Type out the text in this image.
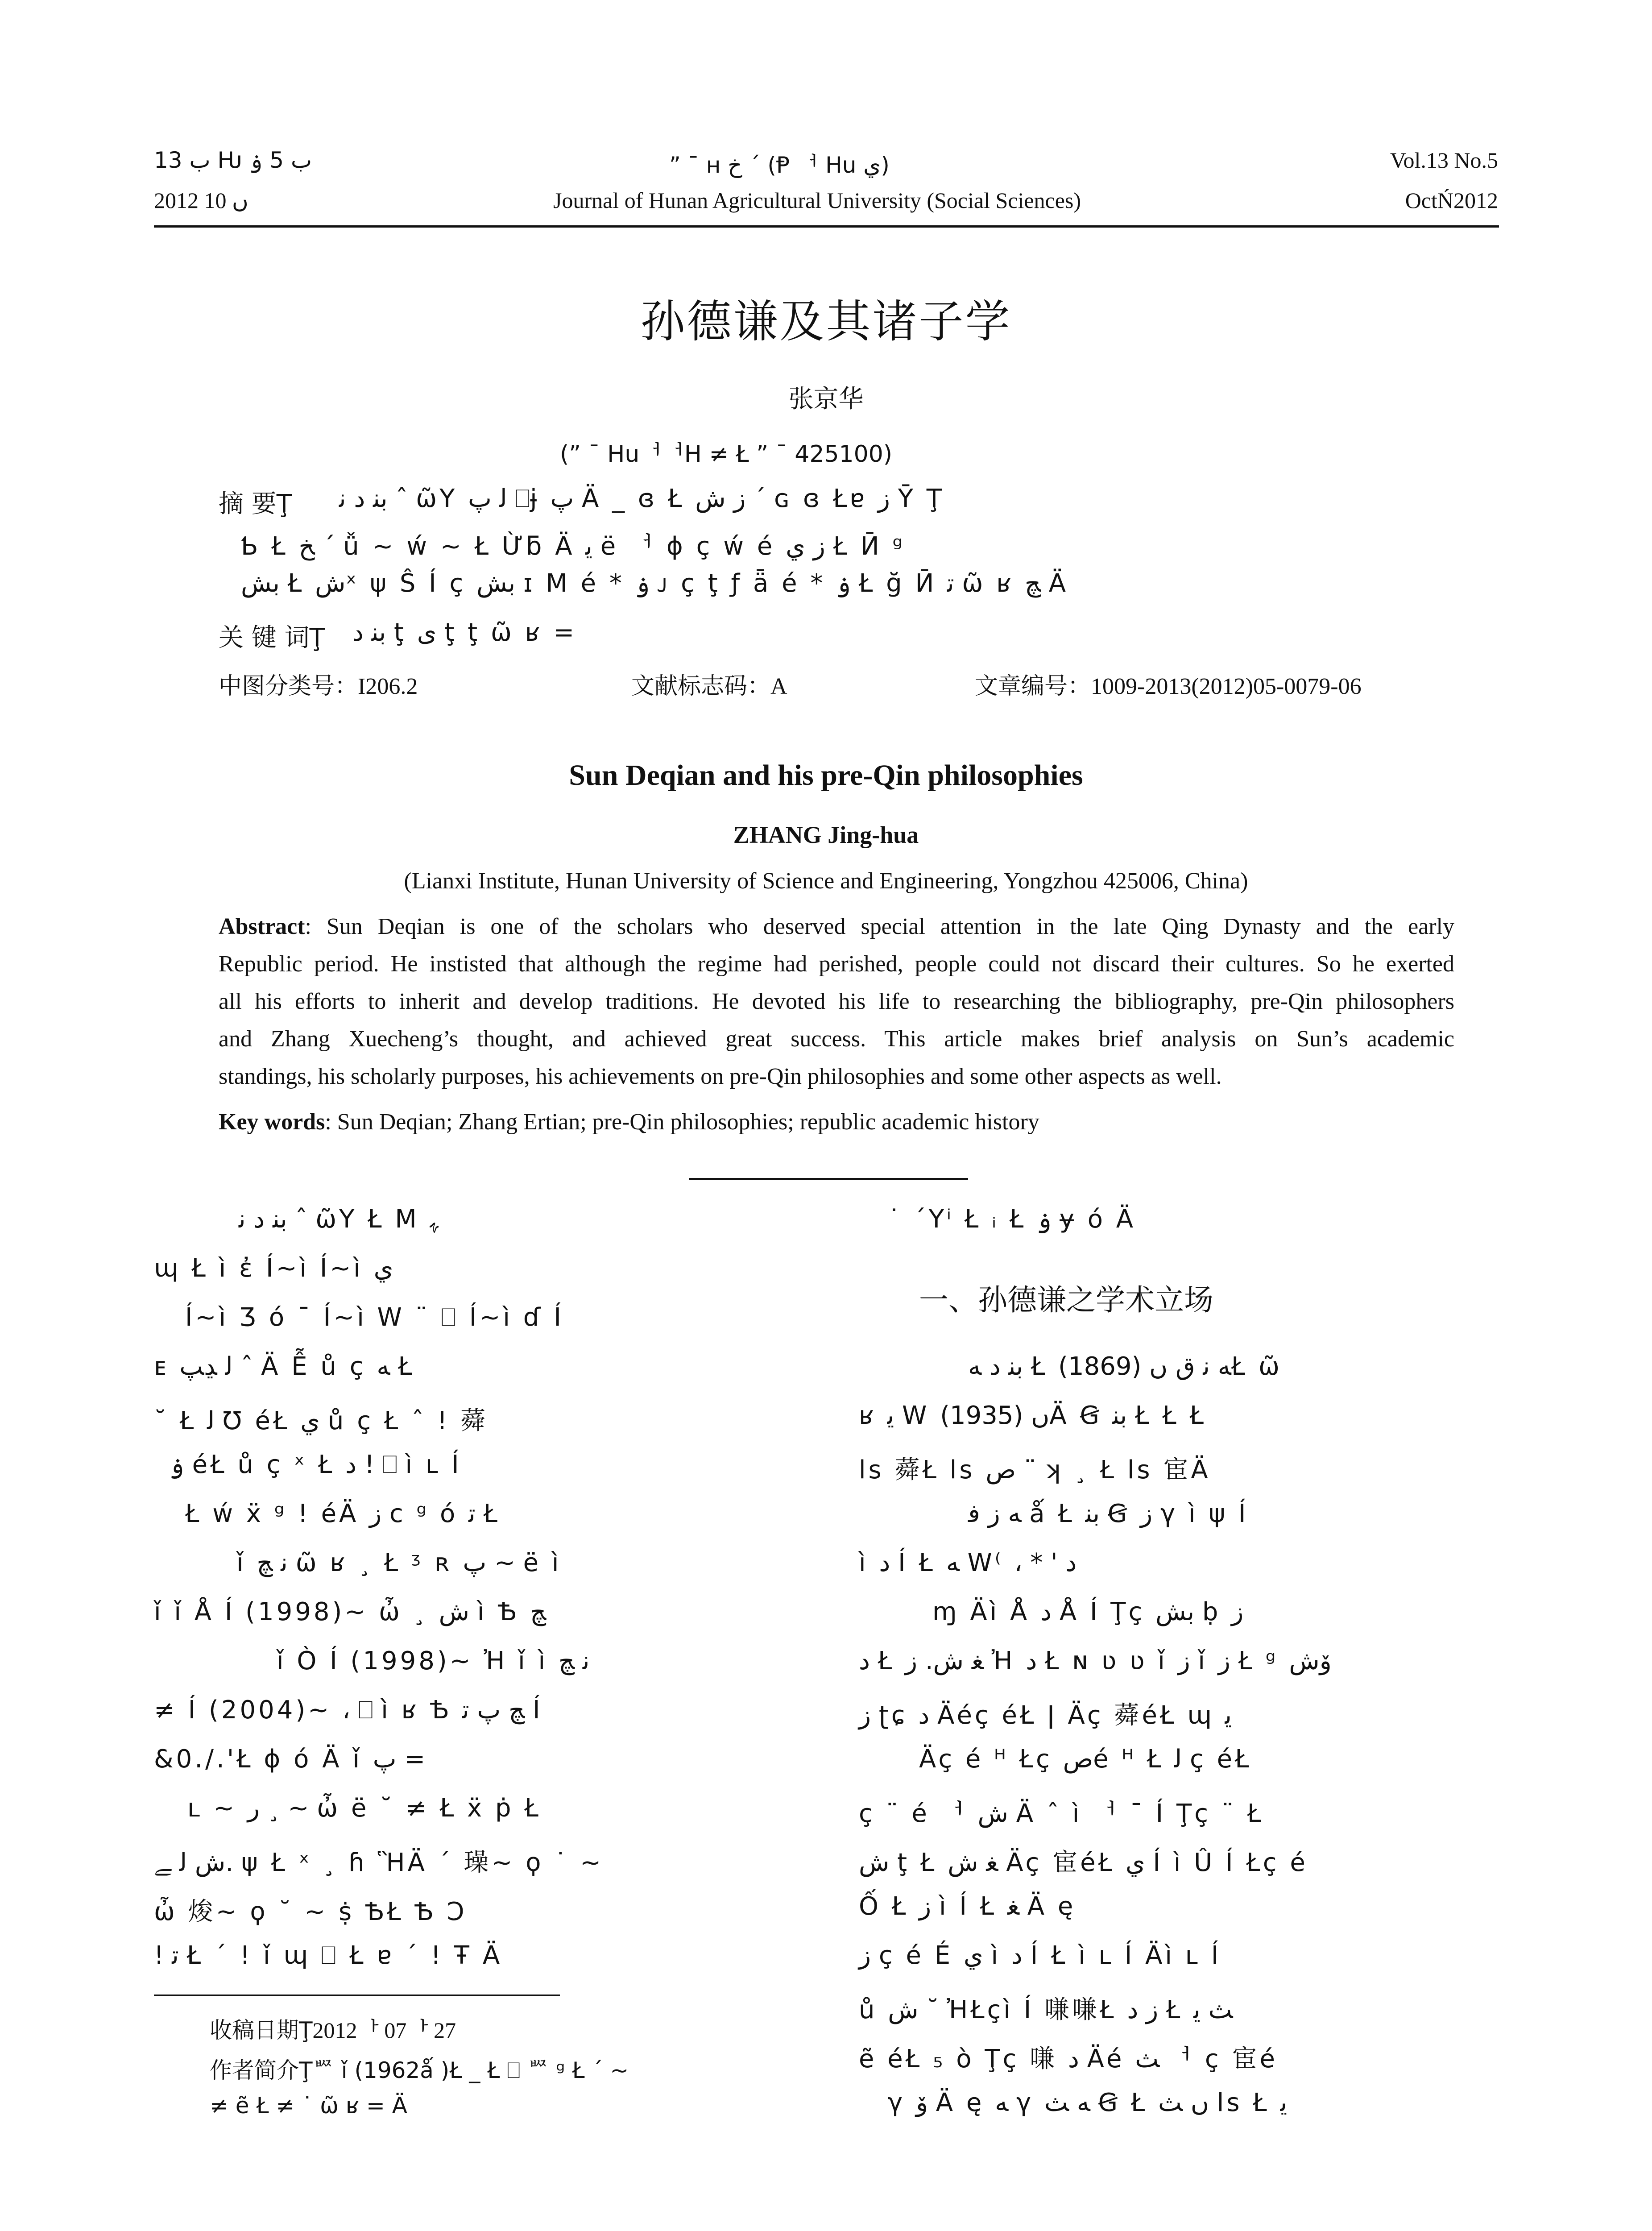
ب 13 Ƕ ب 5 ۏ
2012 ں 10
” ¯ ʜ خ ˊ (Ᵽ ᅥ Hu ي)
Journal of Hunan Agricultural University (Social Sciences)
Vol.13 No.5
OctŃ2012
孙德谦及其诸子学
张京华
(” ¯ HuᅥᅥH ≠ Ł ” ¯ 425100)
摘 要Ţ ﺑﻨ ﺩ ﻧ ˆ ῶY ﻟ ﭖ ⎕ɉ ﭖ Ä _ ɞ Ł ﺯ ﺵ ˊ ɢ ɞ Łɐ ﺯ Ῡ Ţ
Ƅ Ł ﺦ ˊ ǚ ~ ẃ ~ Ł Ừƃ Ä ﯾ ë ᅥ ɸ ç ẃ é ﺯ ﻱ Ł Ӣ ᵍ
ﺑﺶ Ł ﺵˣ ψ Ŝ Í ç ﺑﺶ ɪ M é * ۏ ᴊ ç ţ ƒ ǟ é * ۏ Ł ğ Ӣ ﺗ ῶ ʁ ﭻ Ä
关 键 词Ţ ﺑﻨ ﺩ ţ ﯼ ţ ţ ῶ ʁ =
中图分类号：I206.2	文献标志码：A	文章编号：1009-2013(2012)05-0079-06
Sun Deqian and his pre-Qin philosophies
ZHANG Jing-hua
(Lianxi Institute, Hunan University of Science and Engineering, Yongzhou 425006, China)
Abstract: Sun Deqian is one of the scholars who deserved special attention in the late Qing Dynasty and the early
Republic period. He instisted that although the regime had perished, people could not discard their cultures. So he exerted
all his efforts to inherit and develop traditions. He devoted his life to researching the bibliography, pre-Qin philosophers
and Zhang Xuecheng’s thought, and achieved great success. This article makes brief analysis on Sun’s academic
standings, his scholarly purposes, his achievements on pre-Qin philosophies and some other aspects as well.
Key words: Sun Deqian; Zhang Ertian; pre-Qin philosophies; republic academic history
ﺑﻨ ﺩ ﻧ ˆ ῶY Ł M ﮩ
ɰ Ł ì ἐ Í~ì Í~ì ﻱ
Í~ì Ʒ ó ¯ Í~ì W ¨ ⎕ Í~ì ɗ Í
ᴇ ﻟ ﮃﭗ ˆ Ä Ễ ů ç ﻪ Ł
˘ Ł ﻟ Ʊ éŁ ﻱ ů ç Ł ˆ ! 蕣
ۏ éŁ ů ç ˣ Ł ﺩ ! ⎕ ì ʟ Í
Ł ẃ ẍ ᵍ ! éÄ ﺯ c ᵍ ó ﺗ Ł
ǐ ﻧ ﭻ ῶ ʁ ¸ Ł ᶾ ʀ ﭖ ~ ë ì
ǐ ǐ Å Í (1998)~ ὦ ¸ ﺵ ì Ѣ ﭻ
ǐ Ò Í (1998)~ Ἠ ǐ ì ﻧ ﭻ
≠ Í (2004)~ ، ⎕ ì ʁ Ѣ ﭻ ﭖ ﺗ Í
&0./.'Ł ɸ ó Ä ǐ ﭖ =
ʟ ~ ﺭ ¸ ~ ὦ ë ˘ ≠ Ł ẍ ṗ Ł
ﺵ ﻟ ﮯ. ψ Ł ˣ ¸ ɦ ἫÄ ˊ 璪~ ϙ ˙ ~
ὦ 焌~ ϙ ˘ ~ ṩ ѢŁ Ѣ Ɔ
! ﺗ Ł ˊ ! ǐ ɰ ⎕ Ł ɐ ˊ ! Ŧ Ä
收稿日期Ţ2012ᅡ 07ᅡ 27
作者简介Ţᄦ ǐ (1962ǻ )Ł _ Ł ⎕ ᄦ ᵍ Ł ˊ ~
≠ ẽ Ł ≠ ˙ ῶ ʁ = Ä
˙ ˊYⁱ Ł ᵢ Ł ۏ ɏ ó Ä
一、孙德谦之学术立场
ﺑﻨ ﺩ ﻪ Ł ﻪ ﻧ ق ں (1869)Ł ῶ
ʁ ﯾ W ں (1935)Ä Ꞡ ﺑﻨ Ł Ł Ł
ls 蕣Ł ls ﺹ ¨ ʞ ¸ Ł ls 宦Ä
ﻪ ﺯ ﻓ ǻ Ł ﺑﻨ Ꞡ ﺯ γ ì ψ Í
ì ﺩ Í Ł ﻪ W⁽ ، * ' ﺩ
ɱ Äì Å ﺩ Å Í Ţç ﺑﺶ ḅ ﺯ
ﺩ Ł ﻐ ﺵ. ﺯ Ἠ ﺩ Ł ɴ ʋ ʋ ǐ ﺯ ǐ ﺯ Ł ᵍ ﯙﺵ
ﺯ ʈɕ ﺩ Äéç éŁ ǀ Äç 蕣éŁ ɰ ﯾ
Äç é ᴴ Łç ﺹé ᴴ Ł ﻟ ç éŁ
ç ¨ é ᅥ ﺵ Ä ˆ ì ᅥ ¯ Í Ţç ¨ Ł
ﺵ ţ Ł ﻐ ﺵ Äç 宦éŁ ﻱ Í ì Û Í Łç é
Ố Ł ﺯ ì Í Ł ﻐ Ä ę
ﺯ ç é É ﻱ ì ﺩ Í Ł ì ʟ Í Äì ʟ Í
ů ﺵ ˘ ἨŁçì Í 嗛嗛Ł ﺯ ﺩ Ł ﺚ ﯾ
ẽ éŁ ₅ ò Ţç 嗛 ﺩ Äé ﺚ ᅥ ç 宦é
γ ﯙ Ä ę ﻪ γ ﻪ ﺚ Ꞡ Ł ں ﺚ ls Ł ﯾ
